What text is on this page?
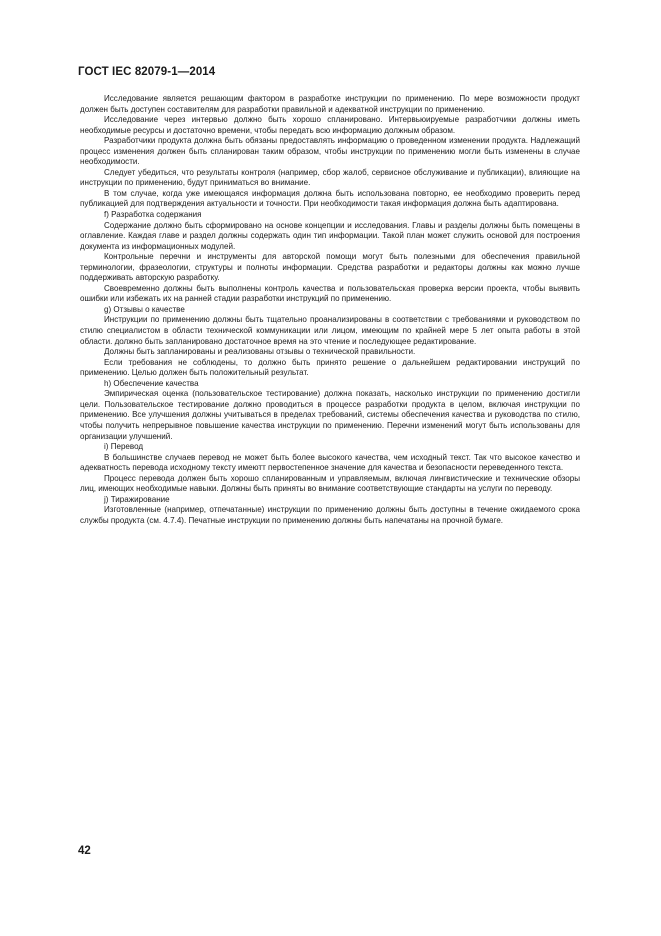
ГОСТ IEC 82079-1—2014

Исследование является решающим фактором в разработке инструкции по применению. По мере возможности продукт должен быть доступен составителям для разработки правильной и адекватной инструкции по применению.

Исследование через интервью должно быть хорошо спланировано. Интервьюируемые разработчики должны иметь необходимые ресурсы и достаточно времени, чтобы передать всю информацию должным образом.

Разработчики продукта должна быть обязаны предоставлять информацию о проведенном изменении продукта. Надлежащий процесс изменения должен быть спланирован таким образом, чтобы инструкции по применению могли быть изменены в случае необходимости.

Следует убедиться, что результаты контроля (например, сбор жалоб, сервисное обслуживание и публикации), влияющие на инструкции по применению, будут приниматься во внимание.

В том случае, когда уже имеющаяся информация должна быть использована повторно, ее необходимо проверить перед публикацией для подтверждения актуальности и точности. При необходимости такая информация должна быть адаптирована.

f) Разработка содержания

Содержание должно быть сформировано на основе концепции и исследования. Главы и разделы должны быть помещены в оглавление. Каждая главе и раздел должны содержать один тип информации. Такой план может служить основой для построения документа из информационных модулей.

Контрольные перечни и инструменты для авторской помощи могут быть полезными для обеспечения правильной терминологии, фразеологии, структуры и полноты информации. Средства разработки и редакторы должны как можно лучше поддерживать авторскую разработку.

Своевременно должны быть выполнены контроль качества и пользовательская проверка версии проекта, чтобы выявить ошибки или избежать их на ранней стадии разработки инструкций по применению.

g) Отзывы о качестве

Инструкции по применению должны быть тщательно проанализированы в соответствии с требованиями и руководством по стилю специалистом в области технической коммуникации или лицом, имеющим по крайней мере 5 лет опыта работы в этой области. должно быть запланировано достаточное время на это чтение и последующее редактирование.

Должны быть запланированы и реализованы отзывы о технической правильности.

Если требования не соблюдены, то должно быть принято решение о дальнейшем редактировании инструкций по применению. Целью должен быть положительный результат.

h) Обеспечение качества

Эмпирическая оценка (пользовательское тестирование) должна показать, насколько инструкции по применению достигли цели. Пользовательское тестирование должно проводиться в процессе разработки продукта в целом, включая инструкции по применению. Все улучшения должны учитываться в пределах требований, системы обеспечения качества и руководства по стилю, чтобы получить непрерывное повышение качества инструкции по применению. Перечни изменений могут быть использованы для организации улучшений.

i) Перевод

В большинстве случаев перевод не может быть более высокого качества, чем исходный текст. Так что высокое качество и адекватность перевода исходному тексту имеютт первостепенное значение для качества и безопасности переведенного текста.

Процесс перевода должен быть хорошо спланированным и управляемым, включая лингвистические и технические обзоры лиц, имеющих необходимые навыки. Должны быть приняты во внимание соответствующие стандарты на услуги по переводу.

j) Тиражирование

Изготовленные (например, отпечатанные) инструкции по применению должны быть доступны в течение ожидаемого срока службы продукта (см. 4.7.4). Печатные инструкции по применению должны быть напечатаны на прочной бумаге.

42
